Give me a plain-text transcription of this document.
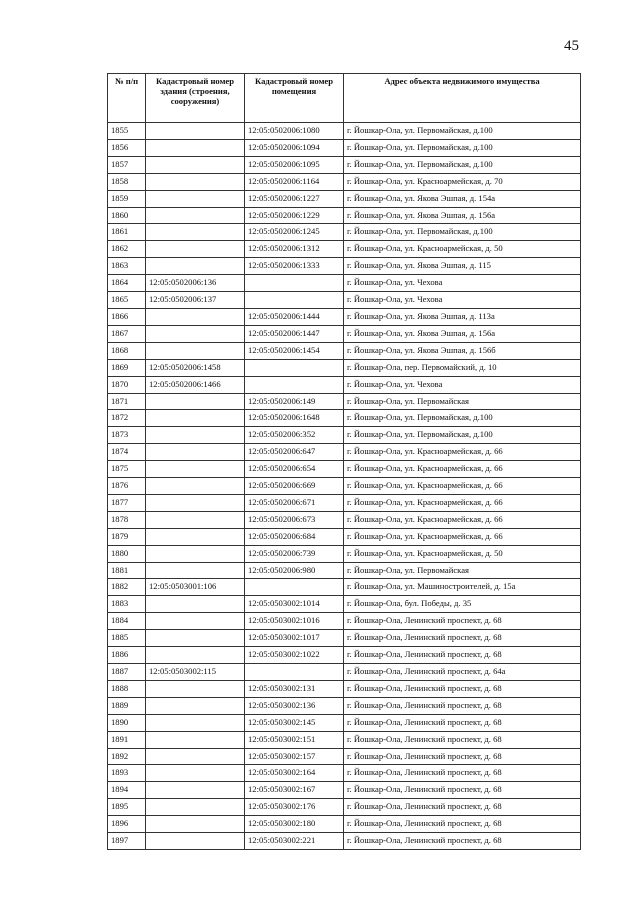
45
№ п/п	Кадастровый номер здания (строения, сооружения)	Кадастровый номер помещения	Адрес объекта недвижимого имущества
1855		12:05:0502006:1080	г. Йошкар-Ола, ул. Первомайская, д.100
1856		12:05:0502006:1094	г. Йошкар-Ола, ул. Первомайская, д.100
1857		12:05:0502006:1095	г. Йошкар-Ола, ул. Первомайская, д.100
1858		12:05:0502006:1164	г. Йошкар-Ола, ул. Красноармейская, д. 70
1859		12:05:0502006:1227	г. Йошкар-Ола, ул. Якова Эшпая, д. 154а
1860		12:05:0502006:1229	г. Йошкар-Ола, ул. Якова Эшпая, д. 156а
1861		12:05:0502006:1245	г. Йошкар-Ола, ул. Первомайская, д.100
1862		12:05:0502006:1312	г. Йошкар-Ола, ул. Красноармейская, д. 50
1863		12:05:0502006:1333	г. Йошкар-Ола, ул. Якова Эшпая, д. 115
1864	12:05:0502006:136		г. Йошкар-Ола, ул. Чехова
1865	12:05:0502006:137		г. Йошкар-Ола, ул. Чехова
1866		12:05:0502006:1444	г. Йошкар-Ола, ул. Якова Эшпая, д. 113а
1867		12:05:0502006:1447	г. Йошкар-Ола, ул. Якова Эшпая, д. 156а
1868		12:05:0502006:1454	г. Йошкар-Ола, ул. Якова Эшпая, д. 156б
1869	12:05:0502006:1458		г. Йошкар-Ола, пер. Первомайский, д. 10
1870	12:05:0502006:1466		г. Йошкар-Ола, ул. Чехова
1871		12:05:0502006:149	г. Йошкар-Ола, ул. Первомайская
1872		12:05:0502006:1648	г. Йошкар-Ола, ул. Первомайская, д.100
1873		12:05:0502006:352	г. Йошкар-Ола, ул. Первомайская, д.100
1874		12:05:0502006:647	г. Йошкар-Ола, ул. Красноармейская, д. 66
1875		12:05:0502006:654	г. Йошкар-Ола, ул. Красноармейская, д. 66
1876		12:05:0502006:669	г. Йошкар-Ола, ул. Красноармейская, д. 66
1877		12:05:0502006:671	г. Йошкар-Ола, ул. Красноармейская, д. 66
1878		12:05:0502006:673	г. Йошкар-Ола, ул. Красноармейская, д. 66
1879		12:05:0502006:684	г. Йошкар-Ола, ул. Красноармейская, д. 66
1880		12:05:0502006:739	г. Йошкар-Ола, ул. Красноармейская, д. 50
1881		12:05:0502006:980	г. Йошкар-Ола, ул. Первомайская
1882	12:05:0503001:106		г. Йошкар-Ола, ул. Машиностроителей, д. 15а
1883		12:05:0503002:1014	г. Йошкар-Ола, бул. Победы, д. 35
1884		12:05:0503002:1016	г. Йошкар-Ола, Ленинский проспект, д. 68
1885		12:05:0503002:1017	г. Йошкар-Ола, Ленинский проспект, д. 68
1886		12:05:0503002:1022	г. Йошкар-Ола, Ленинский проспект, д. 68
1887	12:05:0503002:115		г. Йошкар-Ола, Ленинский проспект, д. 64а
1888		12:05:0503002:131	г. Йошкар-Ола, Ленинский проспект, д. 68
1889		12:05:0503002:136	г. Йошкар-Ола, Ленинский проспект, д. 68
1890		12:05:0503002:145	г. Йошкар-Ола, Ленинский проспект, д. 68
1891		12:05:0503002:151	г. Йошкар-Ола, Ленинский проспект, д. 68
1892		12:05:0503002:157	г. Йошкар-Ола, Ленинский проспект, д. 68
1893		12:05:0503002:164	г. Йошкар-Ола, Ленинский проспект, д. 68
1894		12:05:0503002:167	г. Йошкар-Ола, Ленинский проспект, д. 68
1895		12:05:0503002:176	г. Йошкар-Ола, Ленинский проспект, д. 68
1896		12:05:0503002:180	г. Йошкар-Ола, Ленинский проспект, д. 68
1897		12:05:0503002:221	г. Йошкар-Ола, Ленинский проспект, д. 68
